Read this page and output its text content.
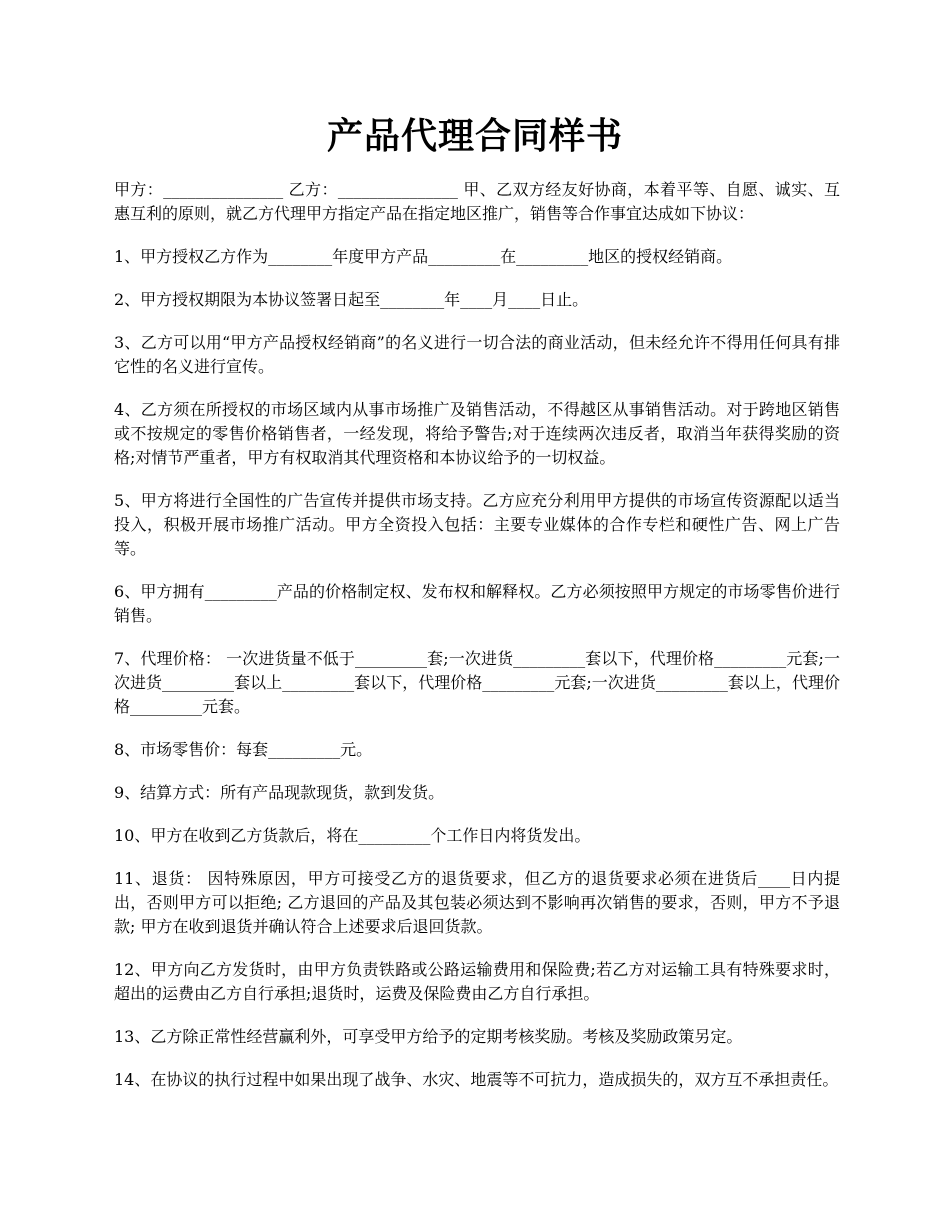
产品代理合同样书

甲方：_______________ 乙方：_______________ 甲、乙双方经友好协商，本着平等、自愿、诚实、互惠互利的原则，就乙方代理甲方指定产品在指定地区推广，销售等合作事宜达成如下协议：

1、甲方授权乙方作为________年度甲方产品_________在_________地区的授权经销商。

2、甲方授权期限为本协议签署日起至________年____月____日止。

3、乙方可以用“甲方产品授权经销商”的名义进行一切合法的商业活动，但未经允许不得用任何具有排它性的名义进行宣传。

4、乙方须在所授权的市场区域内从事市场推广及销售活动，不得越区从事销售活动。对于跨地区销售或不按规定的零售价格销售者，一经发现，将给予警告;对于连续两次违反者，取消当年获得奖励的资格;对情节严重者，甲方有权取消其代理资格和本协议给予的一切权益。

5、甲方将进行全国性的广告宣传并提供市场支持。乙方应充分利用甲方提供的市场宣传资源配以适当投入，积极开展市场推广活动。甲方全资投入包括：主要专业媒体的合作专栏和硬性广告、网上广告等。

6、甲方拥有_________产品的价格制定权、发布权和解释权。乙方必须按照甲方规定的市场零售价进行销售。

7、代理价格： 一次进货量不低于_________套;一次进货_________套以下，代理价格_________元套;一次进货_________套以上_________套以下，代理价格_________元套;一次进货_________套以上，代理价格_________元套。

8、市场零售价：每套_________元。

9、结算方式：所有产品现款现货，款到发货。

10、甲方在收到乙方货款后，将在_________个工作日内将货发出。

11、退货： 因特殊原因，甲方可接受乙方的退货要求，但乙方的退货要求必须在进货后____日内提出，否则甲方可以拒绝; 乙方退回的产品及其包装必须达到不影响再次销售的要求，否则，甲方不予退款; 甲方在收到退货并确认符合上述要求后退回货款。

12、甲方向乙方发货时，由甲方负责铁路或公路运输费用和保险费;若乙方对运输工具有特殊要求时，超出的运费由乙方自行承担;退货时，运费及保险费由乙方自行承担。

13、乙方除正常性经营赢利外，可享受甲方给予的定期考核奖励。考核及奖励政策另定。

14、在协议的执行过程中如果出现了战争、水灾、地震等不可抗力，造成损失的，双方互不承担责任。
